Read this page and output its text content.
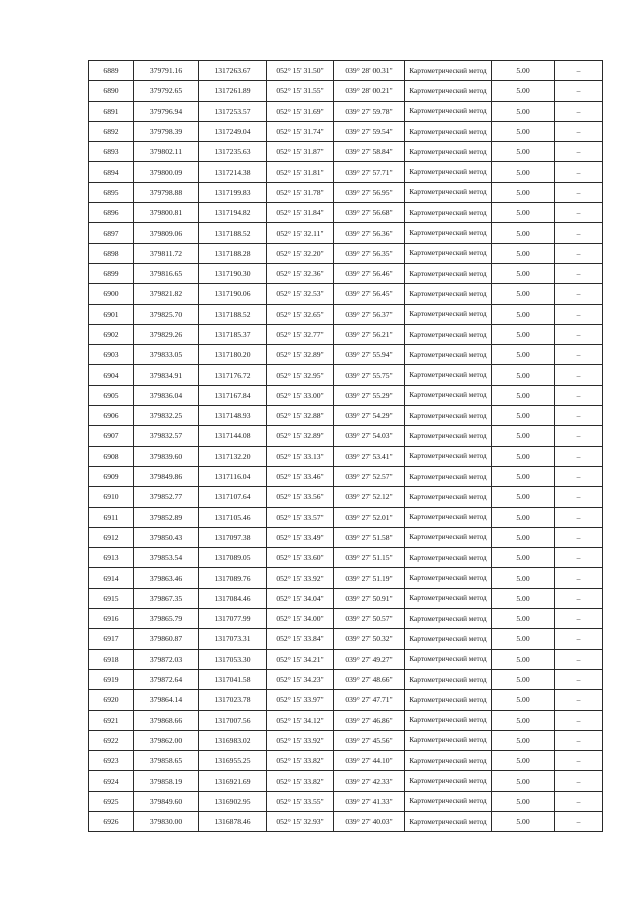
6889	379791.16	1317263.67	052° 15' 31.50"	039° 28' 00.31"	Картометрический метод	5.00	–
6890	379792.65	1317261.89	052° 15' 31.55"	039° 28' 00.21"	Картометрический метод	5.00	–
6891	379796.94	1317253.57	052° 15' 31.69"	039° 27' 59.78"	Картометрический метод	5.00	–
6892	379798.39	1317249.04	052° 15' 31.74"	039° 27' 59.54"	Картометрический метод	5.00	–
6893	379802.11	1317235.63	052° 15' 31.87"	039° 27' 58.84"	Картометрический метод	5.00	–
6894	379800.09	1317214.38	052° 15' 31.81"	039° 27' 57.71"	Картометрический метод	5.00	–
6895	379798.88	1317199.83	052° 15' 31.78"	039° 27' 56.95"	Картометрический метод	5.00	–
6896	379800.81	1317194.82	052° 15' 31.84"	039° 27' 56.68"	Картометрический метод	5.00	–
6897	379809.06	1317188.52	052° 15' 32.11"	039° 27' 56.36"	Картометрический метод	5.00	–
6898	379811.72	1317188.28	052° 15' 32.20"	039° 27' 56.35"	Картометрический метод	5.00	–
6899	379816.65	1317190.30	052° 15' 32.36"	039° 27' 56.46"	Картометрический метод	5.00	–
6900	379821.82	1317190.06	052° 15' 32.53"	039° 27' 56.45"	Картометрический метод	5.00	–
6901	379825.70	1317188.52	052° 15' 32.65"	039° 27' 56.37"	Картометрический метод	5.00	–
6902	379829.26	1317185.37	052° 15' 32.77"	039° 27' 56.21"	Картометрический метод	5.00	–
6903	379833.05	1317180.20	052° 15' 32.89"	039° 27' 55.94"	Картометрический метод	5.00	–
6904	379834.91	1317176.72	052° 15' 32.95"	039° 27' 55.75"	Картометрический метод	5.00	–
6905	379836.04	1317167.84	052° 15' 33.00"	039° 27' 55.29"	Картометрический метод	5.00	–
6906	379832.25	1317148.93	052° 15' 32.88"	039° 27' 54.29"	Картометрический метод	5.00	–
6907	379832.57	1317144.08	052° 15' 32.89"	039° 27' 54.03"	Картометрический метод	5.00	–
6908	379839.60	1317132.20	052° 15' 33.13"	039° 27' 53.41"	Картометрический метод	5.00	–
6909	379849.86	1317116.04	052° 15' 33.46"	039° 27' 52.57"	Картометрический метод	5.00	–
6910	379852.77	1317107.64	052° 15' 33.56"	039° 27' 52.12"	Картометрический метод	5.00	–
6911	379852.89	1317105.46	052° 15' 33.57"	039° 27' 52.01"	Картометрический метод	5.00	–
6912	379850.43	1317097.38	052° 15' 33.49"	039° 27' 51.58"	Картометрический метод	5.00	–
6913	379853.54	1317089.05	052° 15' 33.60"	039° 27' 51.15"	Картометрический метод	5.00	–
6914	379863.46	1317089.76	052° 15' 33.92"	039° 27' 51.19"	Картометрический метод	5.00	–
6915	379867.35	1317084.46	052° 15' 34.04"	039° 27' 50.91"	Картометрический метод	5.00	–
6916	379865.79	1317077.99	052° 15' 34.00"	039° 27' 50.57"	Картометрический метод	5.00	–
6917	379860.87	1317073.31	052° 15' 33.84"	039° 27' 50.32"	Картометрический метод	5.00	–
6918	379872.03	1317053.30	052° 15' 34.21"	039° 27' 49.27"	Картометрический метод	5.00	–
6919	379872.64	1317041.58	052° 15' 34.23"	039° 27' 48.66"	Картометрический метод	5.00	–
6920	379864.14	1317023.78	052° 15' 33.97"	039° 27' 47.71"	Картометрический метод	5.00	–
6921	379868.66	1317007.56	052° 15' 34.12"	039° 27' 46.86"	Картометрический метод	5.00	–
6922	379862.00	1316983.02	052° 15' 33.92"	039° 27' 45.56"	Картометрический метод	5.00	–
6923	379858.65	1316955.25	052° 15' 33.82"	039° 27' 44.10"	Картометрический метод	5.00	–
6924	379858.19	1316921.69	052° 15' 33.82"	039° 27' 42.33"	Картометрический метод	5.00	–
6925	379849.60	1316902.95	052° 15' 33.55"	039° 27' 41.33"	Картометрический метод	5.00	–
6926	379830.00	1316878.46	052° 15' 32.93"	039° 27' 40.03"	Картометрический метод	5.00	–
